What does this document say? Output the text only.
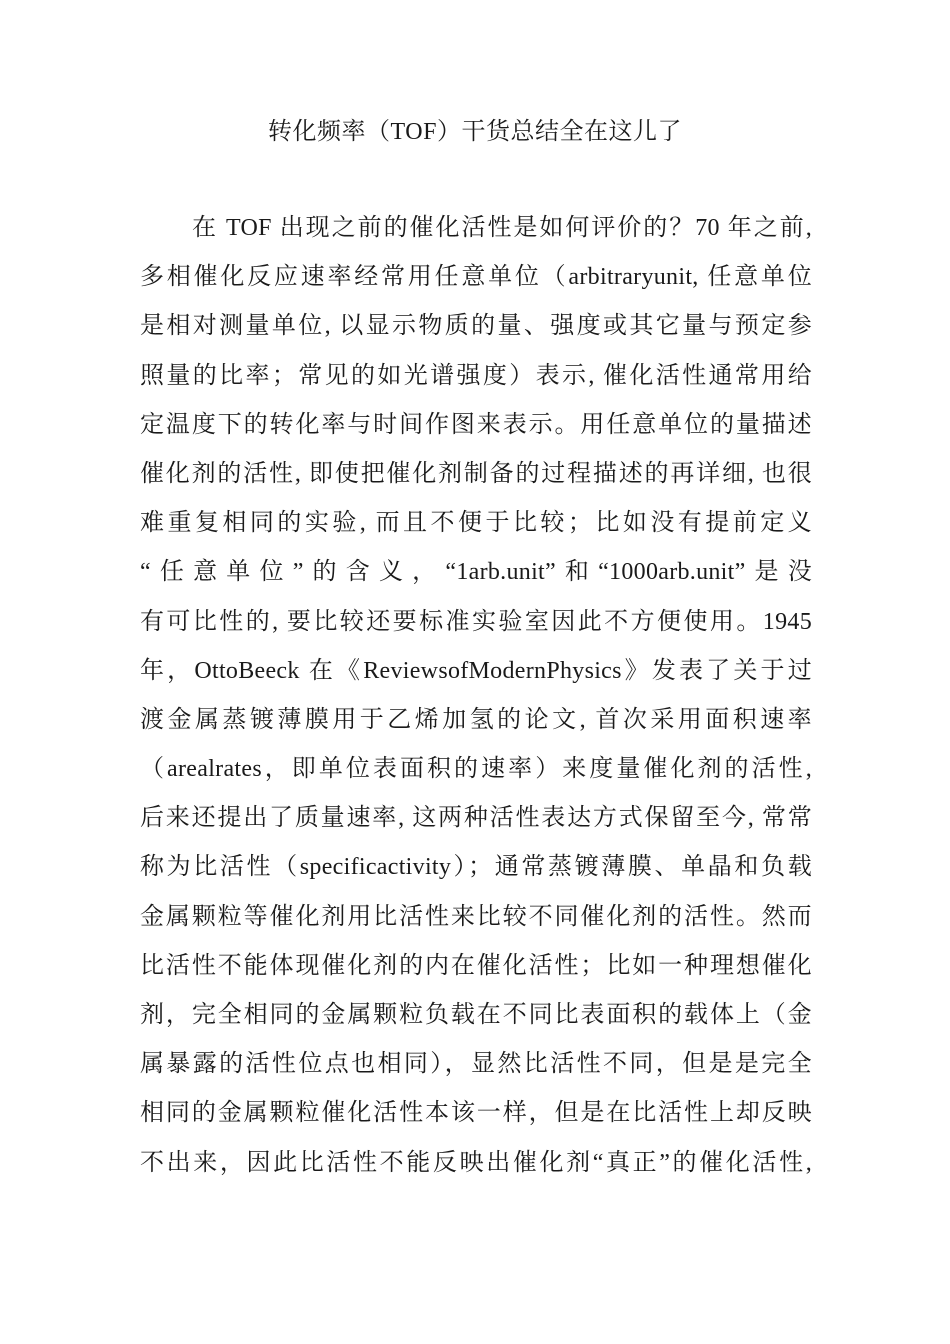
转化频率（TOF）干货总结全在这儿了
在 TOF 出现之前的催化活性是如何评价的？70 年之前,
多相催化反应速率经常用任意单位（arbitraryunit, 任意单位
是相对测量单位, 以显示物质的量、强度或其它量与预定参
照量的比率；常见的如光谱强度）表示, 催化活性通常用给
定温度下的转化率与时间作图来表示。用任意单位的量描述
催化剂的活性, 即使把催化剂制备的过程描述的再详细, 也很
难重复相同的实验, 而且不便于比较；比如没有提前定义
“任意单位”的含义，“1arb.unit”和“1000arb.unit”是没
有可比性的, 要比较还要标准实验室因此不方便使用。1945
年，OttoBeeck 在《ReviewsofModernPhysics》发表了关于过
渡金属蒸镀薄膜用于乙烯加氢的论文, 首次采用面积速率
（arealrates，即单位表面积的速率）来度量催化剂的活性,
后来还提出了质量速率, 这两种活性表达方式保留至今, 常常
称为比活性（specificactivity）；通常蒸镀薄膜、单晶和负载
金属颗粒等催化剂用比活性来比较不同催化剂的活性。然而
比活性不能体现催化剂的内在催化活性；比如一种理想催化
剂，完全相同的金属颗粒负载在不同比表面积的载体上（金
属暴露的活性位点也相同），显然比活性不同，但是是完全
相同的金属颗粒催化活性本该一样，但是在比活性上却反映
不出来，因此比活性不能反映出催化剂“真正”的催化活性,
